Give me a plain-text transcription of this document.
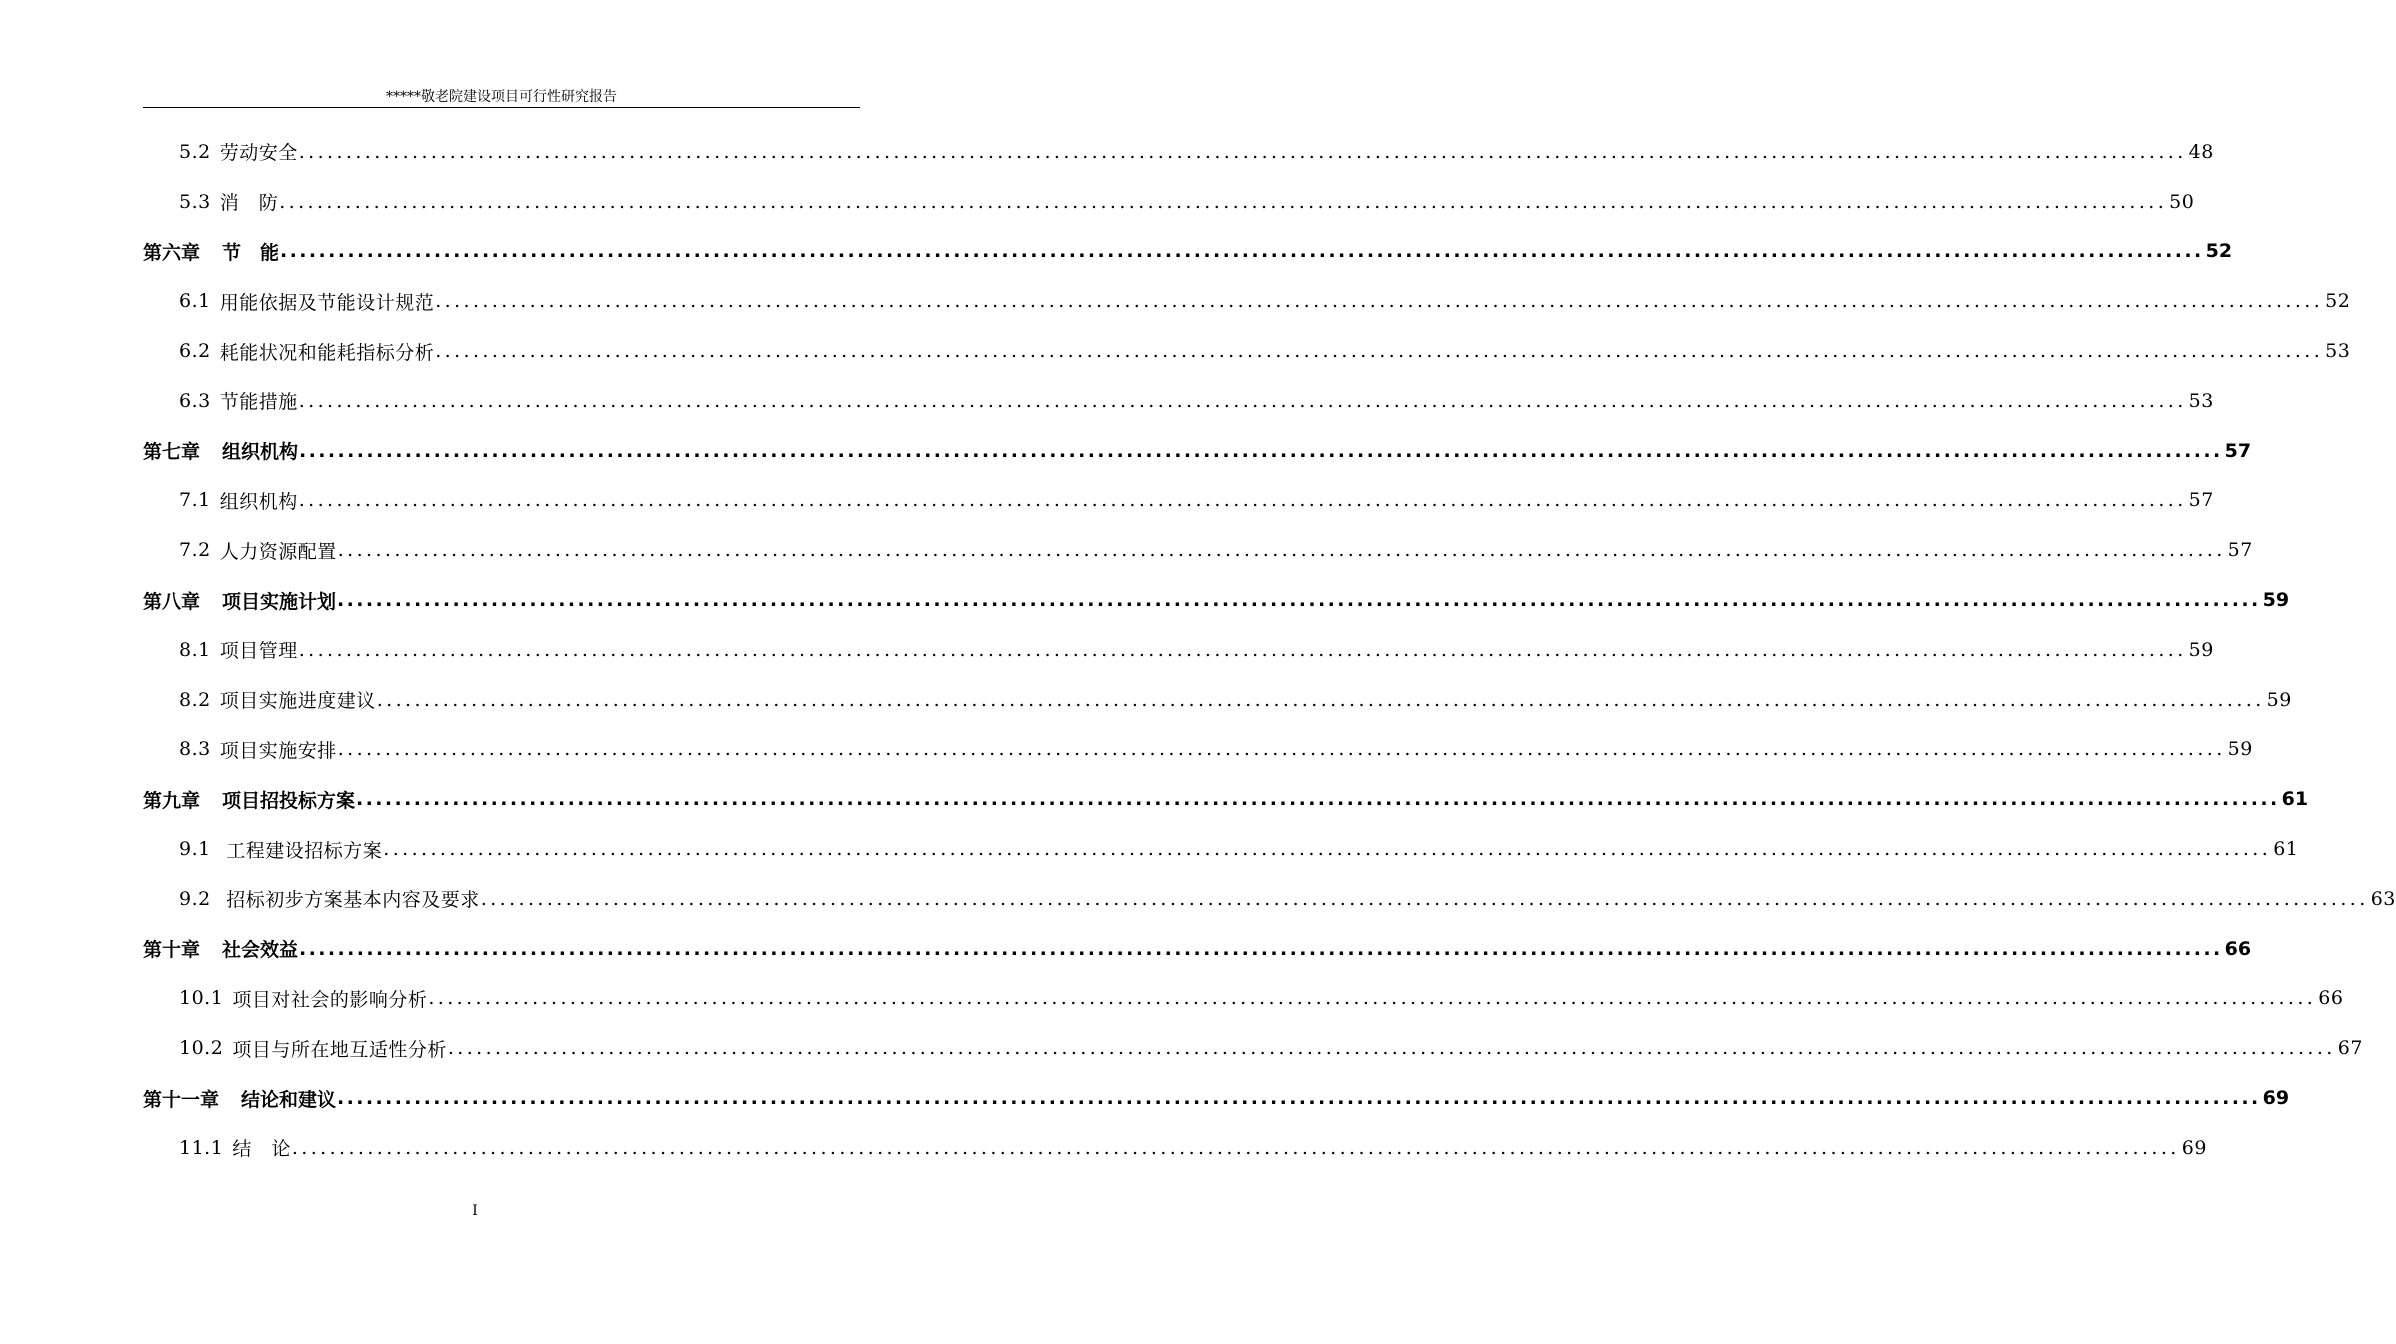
*****敬老院建设项目可行性研究报告
5.2 劳动安全 ........................................................................................................................................................................................................ 48
5.3 消　防 ........................................................................................................................................................................................................ 50
第六章 节　能 ........................................................................................................................................................................................................ 52
6.1 用能依据及节能设计规范 ........................................................................................................................................................................................................ 52
6.2 耗能状况和能耗指标分析 ........................................................................................................................................................................................................ 53
6.3 节能措施 ........................................................................................................................................................................................................ 53
第七章 组织机构 ........................................................................................................................................................................................................ 57
7.1 组织机构 ........................................................................................................................................................................................................ 57
7.2 人力资源配置 ........................................................................................................................................................................................................ 57
第八章 项目实施计划 ........................................................................................................................................................................................................ 59
8.1 项目管理 ........................................................................................................................................................................................................ 59
8.2 项目实施进度建议 ........................................................................................................................................................................................................ 59
8.3 项目实施安排 ........................................................................................................................................................................................................ 59
第九章 项目招投标方案 ........................................................................................................................................................................................................ 61
9.1 工程建设招标方案 ........................................................................................................................................................................................................ 61
9.2 招标初步方案基本内容及要求 ........................................................................................................................................................................................................ 63
第十章 社会效益 ........................................................................................................................................................................................................ 66
10.1 项目对社会的影响分析 ........................................................................................................................................................................................................ 66
10.2 项目与所在地互适性分析 ........................................................................................................................................................................................................ 67
第十一章 结论和建议 ........................................................................................................................................................................................................ 69
11.1 结　论 ........................................................................................................................................................................................................ 69
I
